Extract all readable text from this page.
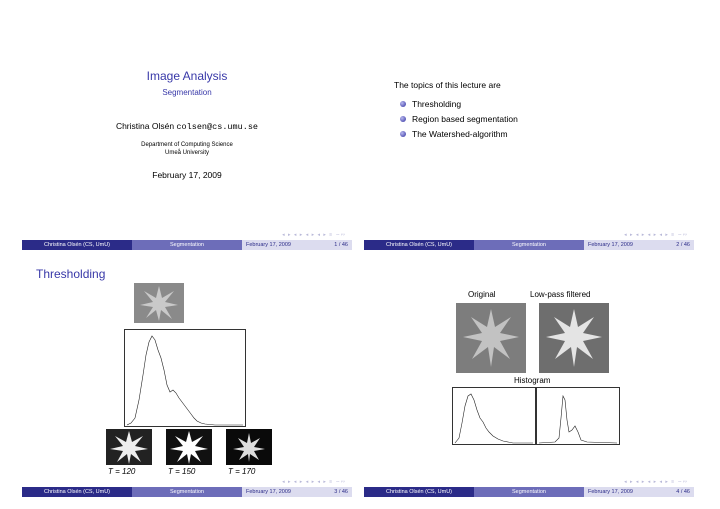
Image Analysis
Segmentation
Christina Olsén colsen@cs.umu.se
Department of Computing Science
Umeå University
February 17, 2009
◂ ▸ ◂ ▸ ◂ ▸ ◂ ▸ ≡ ∽∾
Christina Olsén (CS, UmU)	Segmentation	February 17, 2009	1 / 46
The topics of this lecture are
Thresholding
Region based segmentation
The Watershed-algorithm
◂ ▸ ◂ ▸ ◂ ▸ ◂ ▸ ≡ ∽∾
Christina Olsén (CS, UmU)	Segmentation	February 17, 2009	2 / 46
Thresholding
T = 120	T = 150	T = 170
◂ ▸ ◂ ▸ ◂ ▸ ◂ ▸ ≡ ∽∾
Christina Olsén (CS, UmU)	Segmentation	February 17, 2009	3 / 46
Original	Low-pass filtered
Histogram
◂ ▸ ◂ ▸ ◂ ▸ ◂ ▸ ≡ ∽∾
Christina Olsén (CS, UmU)	Segmentation	February 17, 2009	4 / 46
